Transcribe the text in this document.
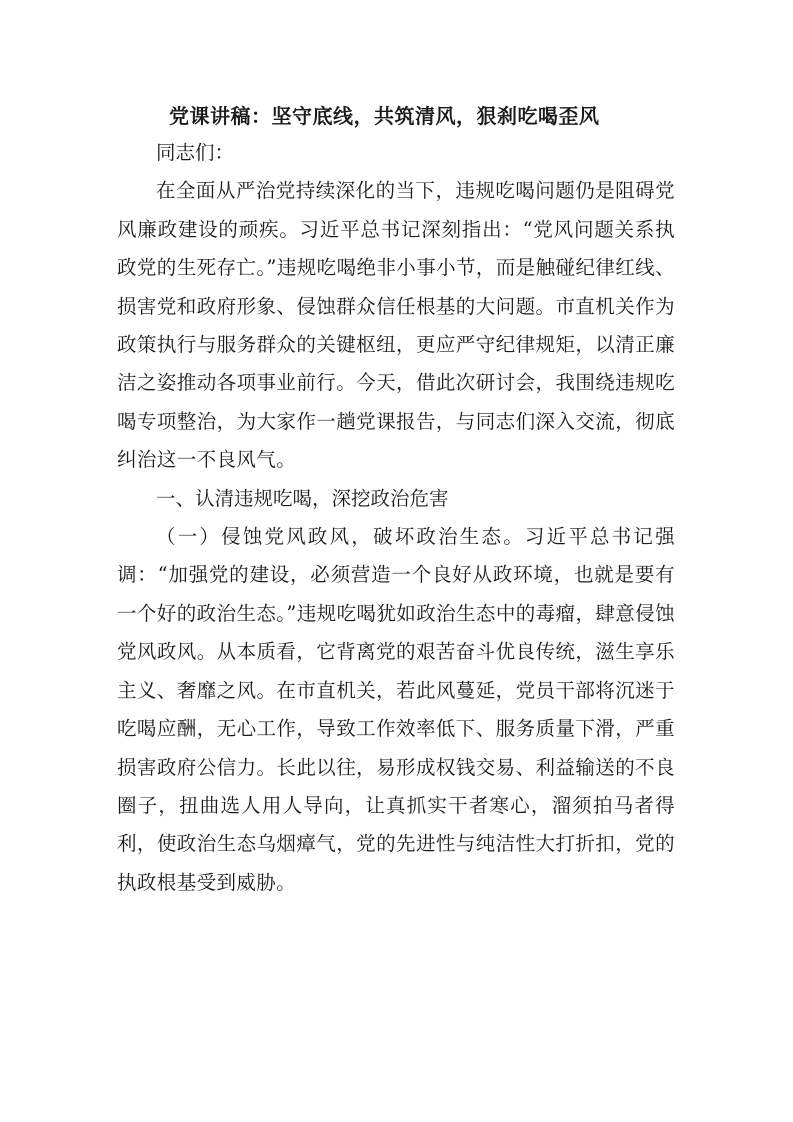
党课讲稿：坚守底线，共筑清风，狠刹吃喝歪风

同志们：

在全面从严治党持续深化的当下，违规吃喝问题仍是阻碍党风廉政建设的顽疾。习近平总书记深刻指出：“党风问题关系执政党的生死存亡。”违规吃喝绝非小事小节，而是触碰纪律红线、损害党和政府形象、侵蚀群众信任根基的大问题。市直机关作为政策执行与服务群众的关键枢纽，更应严守纪律规矩，以清正廉洁之姿推动各项事业前行。今天，借此次研讨会，我围绕违规吃喝专项整治，为大家作一趟党课报告，与同志们深入交流，彻底纠治这一不良风气。

一、认清违规吃喝，深挖政治危害

（一）侵蚀党风政风，破坏政治生态。习近平总书记强调：“加强党的建设，必须营造一个良好从政环境，也就是要有一个好的政治生态。”违规吃喝犹如政治生态中的毒瘤，肆意侵蚀党风政风。从本质看，它背离党的艰苦奋斗优良传统，滋生享乐主义、奢靡之风。在市直机关，若此风蔓延，党员干部将沉迷于吃喝应酬，无心工作，导致工作效率低下、服务质量下滑，严重损害政府公信力。长此以往，易形成权钱交易、利益输送的不良圈子，扭曲选人用人导向，让真抓实干者寒心，溜须拍马者得利，使政治生态乌烟瘴气，党的先进性与纯洁性大打折扣，党的执政根基受到威胁。
